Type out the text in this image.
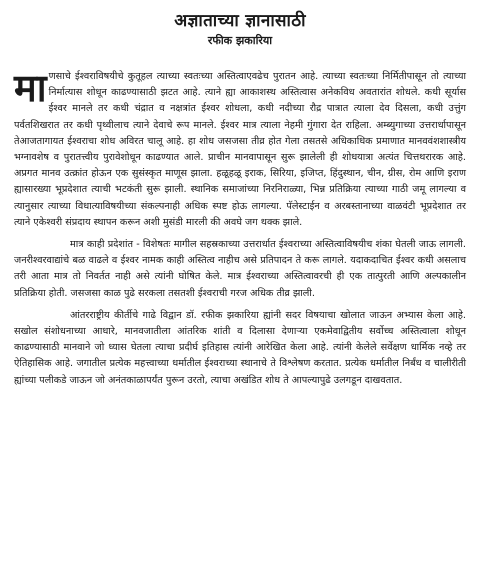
अज्ञाताच्या ज्ञानासाठी
रफीक झकारिया

माणसाचे ईश्वराविषयीचे कुतूहल त्याच्या स्वतःच्या अस्तित्वाएवढेच पुरातन आहे. त्याच्या स्वतःच्या निर्मितीपासून तो त्याच्या निर्मात्यास शोधून काढण्यासाठी झटत आहे. त्याने ह्या आकाशस्थ अस्तित्वास अनेकविध अवतारांत शोधले. कधी सूर्यास ईश्वर मानले तर कधी चंद्रात व नक्षत्रांत ईश्वर शोधला, कधी नदीच्या रौद्र पात्रात त्याला देव दिसला, कधी उत्तुंग पर्वतशिखरात तर कधी पृथ्वीलाच त्याने देवाचे रूप मानले. ईश्वर मात्र त्याला नेहमी गुंगारा देत राहिला. अम्ब्युगाच्या उत्तरार्धापासून तेआजतागायत ईश्वराचा शोध अविरत चालू आहे. हा शोध जसजसा तीव्र होत गेला तसतसे अधिकाधिक प्रमाणात मानववंशशास्त्रीय भग्नावशेष व पुरातत्त्वीय पुरावेशोधून काढण्यात आले. प्राचीन मानवापासून सुरू झालेली ही शोधयात्रा अत्यंत चित्तथरारक आहे. अप्रगत मानव उत्क्रांत होऊन एक सुसंस्कृत माणूस झाला. हळूहळू इराक, सिरिया, इजिप्त, हिंदुस्थान, चीन, ग्रीस, रोम आणि इराण ह्यासारख्या भूप्रदेशात त्याची भटकंती सुरू झाली. स्थानिक समाजांच्या निरनिराळ्या, भिन्न प्रतिक्रिया त्याच्या गाठी जमू लागल्या व त्यानुसार त्याच्या विधात्याविषयीच्या संकल्पनाही अधिक स्पष्ट होऊ लागल्या. पॅलेस्टाईन व अरबस्तानाच्या वाळवंटी भूप्रदेशात तर त्याने एकेश्वरी संप्रदाय स्थापन करून अशी मुसंडी मारली की अवघे जग थक्क झाले.

मात्र काही प्रदेशांत - विशेषतः मागील सहस्रकाच्या उत्तरार्धात ईश्वराच्या अस्तित्वाविषयीच शंका घेतली जाऊ लागली. जनरीश्वरवाद्यांचे बळ वाढले व ईश्वर नामक काही अस्तित्व नाहीच असे प्रतिपादन ते करू लागले. यदाकदाचित ईश्वर कधी असलाच तरी आता मात्र तो निवर्तत नाही असे त्यांनी घोषित केले. मात्र ईश्वराच्या अस्तित्वावरची ही एक तात्पुरती आणि अल्पकालीन प्रतिक्रिया होती. जसजसा काळ पुढे सरकला तसतशी ईश्वराची गरज अधिक तीव्र झाली.

आंतरराष्ट्रीय कीर्तीचे गाढे विद्वान डॉ. रफीक झकारिया ह्यांनी सदर विषयाचा खोलात जाऊन अभ्यास केला आहे. सखोल संशोधनाच्या आधारे, मानवजातीला आंतरिक शांती व दिलासा देणाऱ्या एकमेवाद्वितीय सर्वोच्च अस्तित्वाला शोधून काढण्यासाठी मानवाने जो ध्यास घेतला त्याचा प्रदीर्घ इतिहास त्यांनी आरेखित केला आहे. त्यांनी केलेले सर्वेक्षण धार्मिक नव्हे तर ऐतिहासिक आहे. जगातील प्रत्येक महत्त्वाच्या धर्मातील ईश्वराच्या स्थानाचे ते विश्लेषण करतात. प्रत्येक धर्मातील निर्बंध व चालीरीती ह्यांच्या पलीकडे जाऊन जो अनंतकाळापर्यंत पुरून उरतो, त्याचा अखंडित शोध ते आपल्यापुढे उलगडून दाखवतात.
